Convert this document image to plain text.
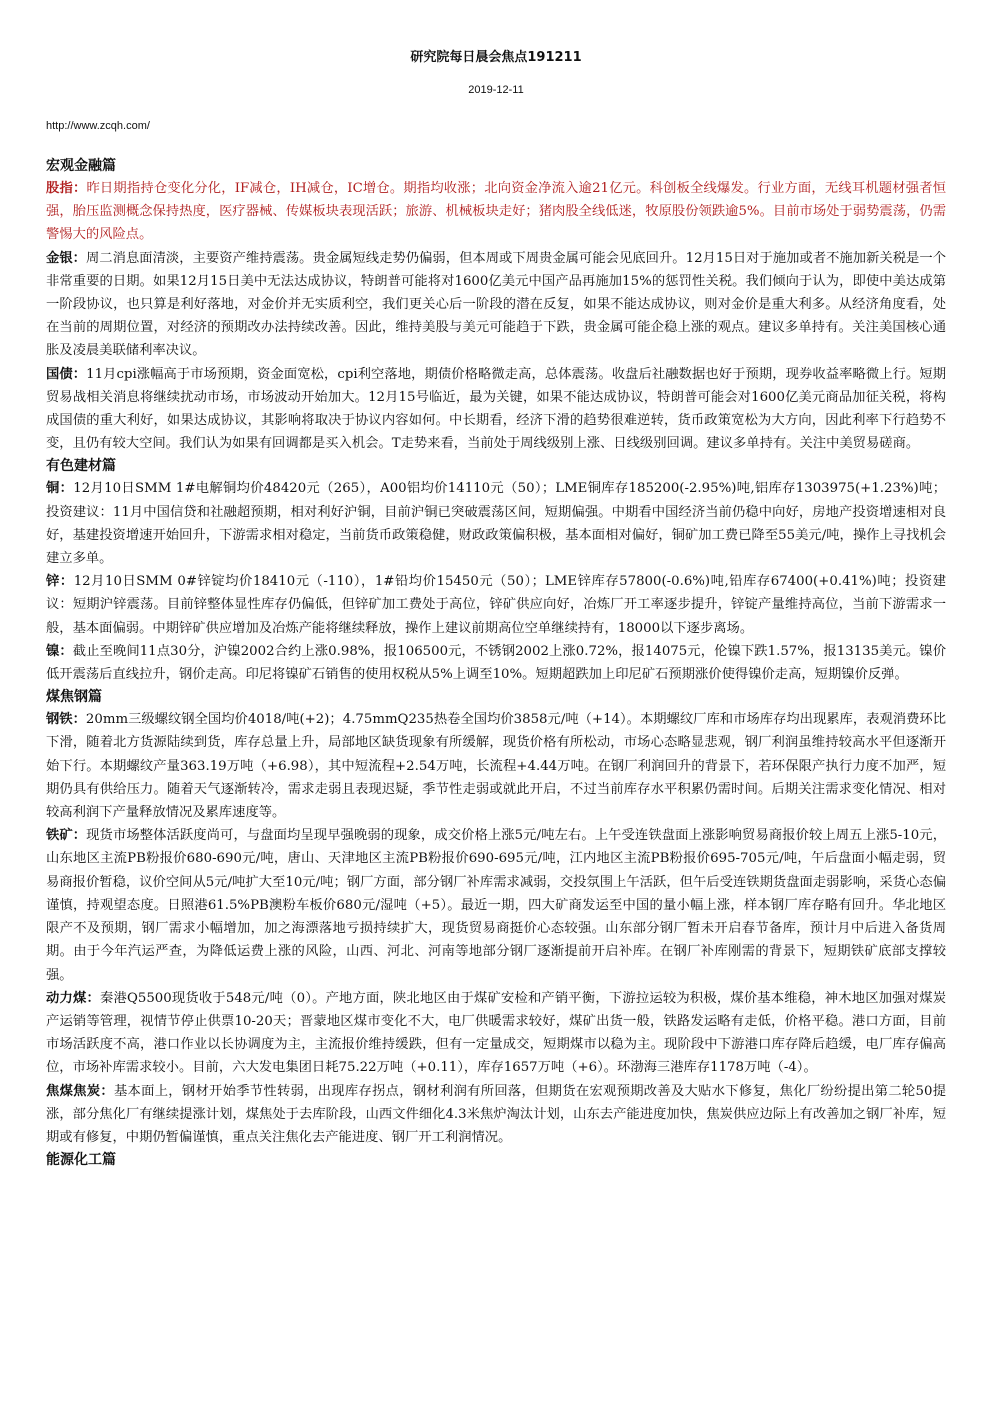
研究院每日晨会焦点191211
2019-12-11
http://www.zcqh.com/
宏观金融篇
股指：昨日期指持仓变化分化，IF减仓，IH减仓，IC增仓。期指均收涨；北向资金净流入逾21亿元。科创板全线爆发。行业方面，无线耳机题材强者恒强，胎压监测概念保持热度，医疗器械、传媒板块表现活跃；旅游、机械板块走好；猪肉股全线低迷，牧原股份领跌逾5%。目前市场处于弱势震荡，仍需警惕大的风险点。
金银：周二消息面清淡，主要资产维持震荡。贵金属短线走势仍偏弱，但本周或下周贵金属可能会见底回升。12月15日对于施加或者不施加新关税是一个非常重要的日期。如果12月15日美中无法达成协议，特朗普可能将对1600亿美元中国产品再施加15%的惩罚性关税。我们倾向于认为，即使中美达成第一阶段协议，也只算是利好落地，对金价并无实质利空，我们更关心后一阶段的潜在反复，如果不能达成协议，则对金价是重大利多。从经济角度看，处在当前的周期位置，对经济的预期改办法持续改善。因此，维持美股与美元可能趋于下跌，贵金属可能企稳上涨的观点。建议多单持有。关注美国核心通胀及凌晨美联储利率决议。
国债：11月cpi涨幅高于市场预期，资金面宽松，cpi利空落地，期债价格略微走高，总体震荡。收盘后社融数据也好于预期，现券收益率略微上行。短期贸易战相关消息将继续扰动市场，市场波动开始加大。12月15号临近，最为关键，如果不能达成协议，特朗普可能会对1600亿美元商品加征关税，将构成国债的重大利好，如果达成协议，其影响将取决于协议内容如何。中长期看，经济下滑的趋势很难逆转，货币政策宽松为大方向，因此利率下行趋势不变，且仍有较大空间。我们认为如果有回调都是买入机会。T走势来看，当前处于周线级别上涨、日线级别回调。建议多单持有。关注中美贸易磋商。
有色建材篇
铜：12月10日SMM 1#电解铜均价48420元（265），A00铝均价14110元（50）；LME铜库存185200(-2.95%)吨,铝库存1303975(+1.23%)吨；投资建议：11月中国信贷和社融超预期，相对利好沪铜，目前沪铜已突破震荡区间，短期偏强。中期看中国经济当前仍稳中向好，房地产投资增速相对良好，基建投资增速开始回升，下游需求相对稳定，当前货币政策稳健，财政政策偏积极，基本面相对偏好，铜矿加工费已降至55美元/吨，操作上寻找机会建立多单。
锌：12月10日SMM 0#锌锭均价18410元（-110），1#铅均价15450元（50）；LME锌库存57800(-0.6%)吨,铅库存67400(+0.41%)吨；投资建议：短期沪锌震荡。目前锌整体显性库存仍偏低，但锌矿加工费处于高位，锌矿供应向好，冶炼厂开工率逐步提升，锌锭产量维持高位，当前下游需求一般，基本面偏弱。中期锌矿供应增加及冶炼产能将继续释放，操作上建议前期高位空单继续持有，18000以下逐步离场。
镍：截止至晚间11点30分，沪镍2002合约上涨0.98%，报106500元，不锈钢2002上涨0.72%，报14075元，伦镍下跌1.57%，报13135美元。镍价低开震荡后直线拉升，钢价走高。印尼将镍矿石销售的使用权税从5%上调至10%。短期超跌加上印尼矿石预期涨价使得镍价走高，短期镍价反弹。
煤焦钢篇
钢铁：20mm三级螺纹钢全国均价4018/吨(+2)；4.75mmQ235热卷全国均价3858元/吨（+14）。本期螺纹厂库和市场库存均出现累库，表观消费环比下滑，随着北方货源陆续到货，库存总量上升，局部地区缺货现象有所缓解，现货价格有所松动，市场心态略显悲观，钢厂利润虽维持较高水平但逐渐开始下行。本期螺纹产量363.19万吨（+6.98），其中短流程+2.54万吨，长流程+4.44万吨。在钢厂利润回升的背景下，若环保限产执行力度不加严，短期仍具有供给压力。随着天气逐渐转冷，需求走弱且表现迟疑，季节性走弱或就此开启，不过当前库存水平积累仍需时间。后期关注需求变化情况、相对较高利润下产量释放情况及累库速度等。
铁矿：现货市场整体活跃度尚可，与盘面均呈现早强晚弱的现象，成交价格上涨5元/吨左右。上午受连铁盘面上涨影响贸易商报价较上周五上涨5-10元，山东地区主流PB粉报价680-690元/吨，唐山、天津地区主流PB粉报价690-695元/吨，江内地区主流PB粉报价695-705元/吨，午后盘面小幅走弱，贸易商报价暂稳，议价空间从5元/吨扩大至10元/吨；钢厂方面，部分钢厂补库需求减弱，交投氛围上午活跃，但午后受连铁期货盘面走弱影响，采货心态偏谨慎，持观望态度。日照港61.5%PB澳粉车板价680元/湿吨（+5）。最近一期，四大矿商发运至中国的量小幅上涨，样本钢厂库存略有回升。华北地区限产不及预期，钢厂需求小幅增加，加之海漂落地亏损持续扩大，现货贸易商挺价心态较强。山东部分钢厂暂未开启春节备库，预计月中后进入备货周期。由于今年汽运严查，为降低运费上涨的风险，山西、河北、河南等地部分钢厂逐渐提前开启补库。在钢厂补库刚需的背景下，短期铁矿底部支撑较强。
动力煤：秦港Q5500现货收于548元/吨（0）。产地方面，陕北地区由于煤矿安检和产销平衡，下游拉运较为积极，煤价基本维稳，神木地区加强对煤炭产运销等管理，视情节停止供票10-20天；晋蒙地区煤市变化不大，电厂供暖需求较好，煤矿出货一般，铁路发运略有走低，价格平稳。港口方面，目前市场活跃度不高，港口作业以长协调度为主，主流报价维持缓跌，但有一定量成交，短期煤市以稳为主。现阶段中下游港口库存降后趋缓，电厂库存偏高位，市场补库需求较小。目前，六大发电集团日耗75.22万吨（+0.11），库存1657万吨（+6）。环渤海三港库存1178万吨（-4）。
焦煤焦炭：基本面上，钢材开始季节性转弱，出现库存拐点，钢材利润有所回落，但期货在宏观预期改善及大贴水下修复，焦化厂纷纷提出第二轮50提涨，部分焦化厂有继续提涨计划，煤焦处于去库阶段，山西文件细化4.3米焦炉淘汰计划，山东去产能进度加快，焦炭供应边际上有改善加之钢厂补库，短期或有修复，中期仍暂偏谨慎，重点关注焦化去产能进度、钢厂开工利润情况。
能源化工篇
